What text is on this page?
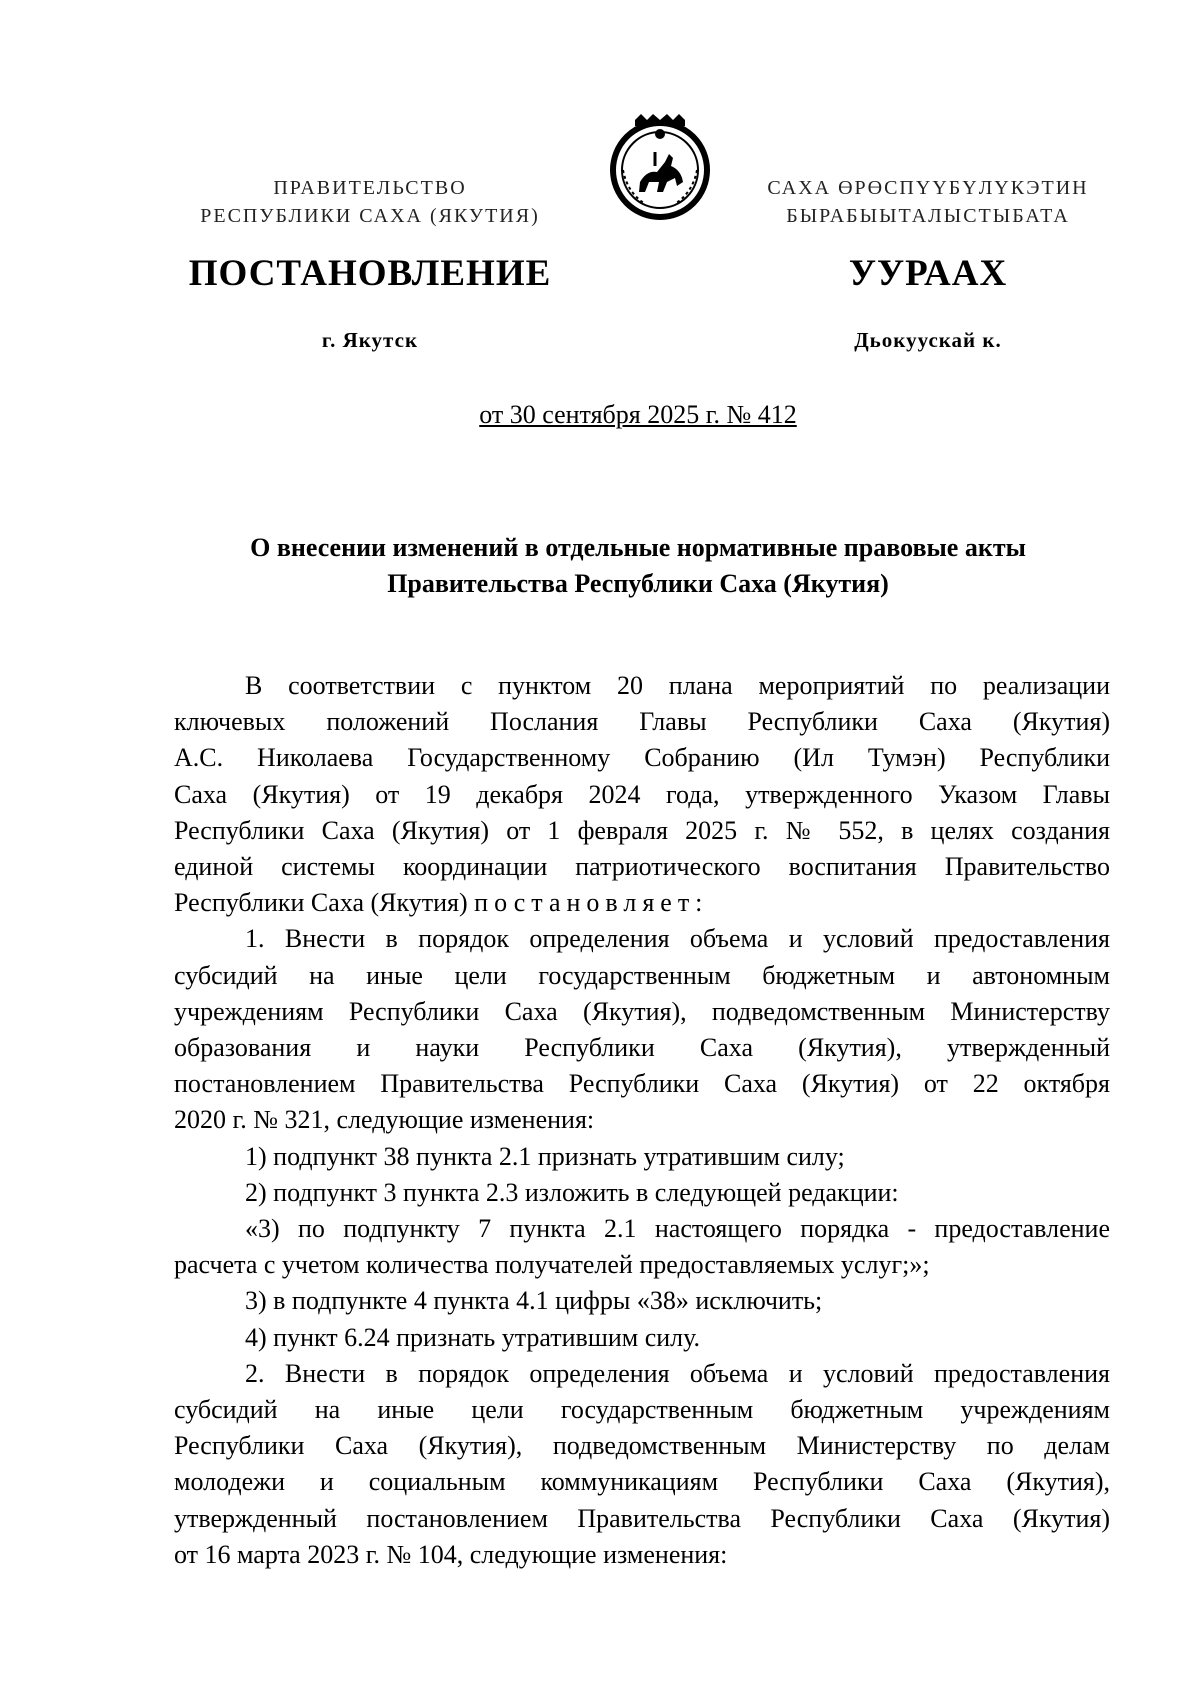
ПРАВИТЕЛЬСТВО
РЕСПУБЛИКИ САХА (ЯКУТИЯ)
САХА ӨРӨСПҮҮБҮЛҮКЭТИН
БЫРАБЫЫТАЛЫСТЫБАТА
ПОСТАНОВЛЕНИЕ	УУРААХ
г. Якутск	Дьокуускай к.
от 30 сентября 2025 г. № 412
О внесении изменений в отдельные нормативные правовые акты
Правительства Республики Саха (Якутия)

В соответствии с пунктом 20 плана мероприятий по реализации

ключевых положений Послания Главы Республики Саха (Якутия)

А.С. Николаева Государственному Собранию (Ил Тумэн) Республики

Саха (Якутия) от 19 декабря 2024 года, утвержденного Указом Главы

Республики Саха (Якутия) от 1 февраля 2025 г. № 552, в целях создания

единой системы координации патриотического воспитания Правительство

Республики Саха (Якутия) постановляет:

1. Внести в порядок определения объема и условий предоставления

субсидий на иные цели государственным бюджетным и автономным

учреждениям Республики Саха (Якутия), подведомственным Министерству

образования и науки Республики Саха (Якутия), утвержденный

постановлением Правительства Республики Саха (Якутия) от 22 октября

2020 г. № 321, следующие изменения:

1) подпункт 38 пункта 2.1 признать утратившим силу;

2) подпункт 3 пункта 2.3 изложить в следующей редакции:

«3) по подпункту 7 пункта 2.1 настоящего порядка - предоставление

расчета с учетом количества получателей предоставляемых услуг;»;

3) в подпункте 4 пункта 4.1 цифры «38» исключить;

4) пункт 6.24 признать утратившим силу.

2. Внести в порядок определения объема и условий предоставления

субсидий на иные цели государственным бюджетным учреждениям

Республики Саха (Якутия), подведомственным Министерству по делам

молодежи и социальным коммуникациям Республики Саха (Якутия),

утвержденный постановлением Правительства Республики Саха (Якутия)

от 16 марта 2023 г. № 104, следующие изменения:
